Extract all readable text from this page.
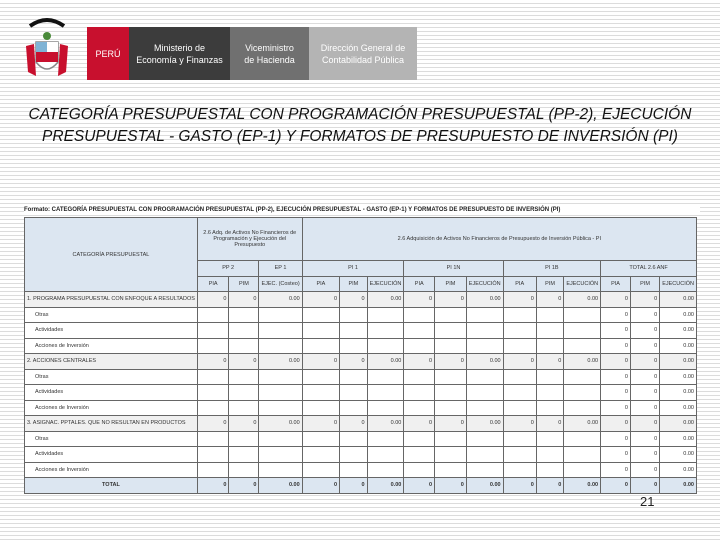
PERÚ
Ministerio de Economía y Finanzas
Viceministro de Hacienda
Dirección General de Contabilidad Pública
CATEGORÍA PRESUPUESTAL CON PROGRAMACIÓN PRESUPUESTAL (PP-2), EJECUCIÓN PRESUPUESTAL - GASTO (EP-1) Y FORMATOS DE PRESUPUESTO DE INVERSIÓN (PI)
Formato: CATEGORÍA PRESUPUESTAL CON PROGRAMACIÓN PRESUPUESTAL (PP-2), EJECUCIÓN PRESUPUESTAL - GASTO (EP-1) Y FORMATOS DE PRESUPUESTO DE INVERSIÓN (PI)
CATEGORÍA PRESUPUESTAL	2.6 Adq. de Activos No Financieros de Programación y Ejecución del Presupuesto			2.6 Adquisición de Activos No Financieros de Presupuesto de Inversión Pública - PI											
	PP 2		EP 1	PI 1			PI 1N			PI 1B			TOTAL 2.6 ANF		
	PIA	PIM	EJEC. (Costeo)	PIA	PIM	EJECUCIÓN	PIA	PIM	EJECUCIÓN	PIA	PIM	EJECUCIÓN	PIA	PIM	EJECUCIÓN
1. PROGRAMA PRESUPUESTAL CON ENFOQUE A RESULTADOS	0	0	0.00	0	0	0.00	0	0	0.00	0	0	0.00	0	0	0.00
Otras													0	0	0.00
Actividades													0	0	0.00
Acciones de Inversión													0	0	0.00
2. ACCIONES CENTRALES	0	0	0.00	0	0	0.00	0	0	0.00	0	0	0.00	0	0	0.00
Otras													0	0	0.00
Actividades													0	0	0.00
Acciones de Inversión													0	0	0.00
3. ASIGNAC. PPTALES. QUE NO RESULTAN EN PRODUCTOS	0	0	0.00	0	0	0.00	0	0	0.00	0	0	0.00	0	0	0.00
Otras													0	0	0.00
Actividades													0	0	0.00
Acciones de Inversión													0	0	0.00
TOTAL	0	0	0.00	0	0	0.00	0	0	0.00	0	0	0.00	0	0	0.00
21
